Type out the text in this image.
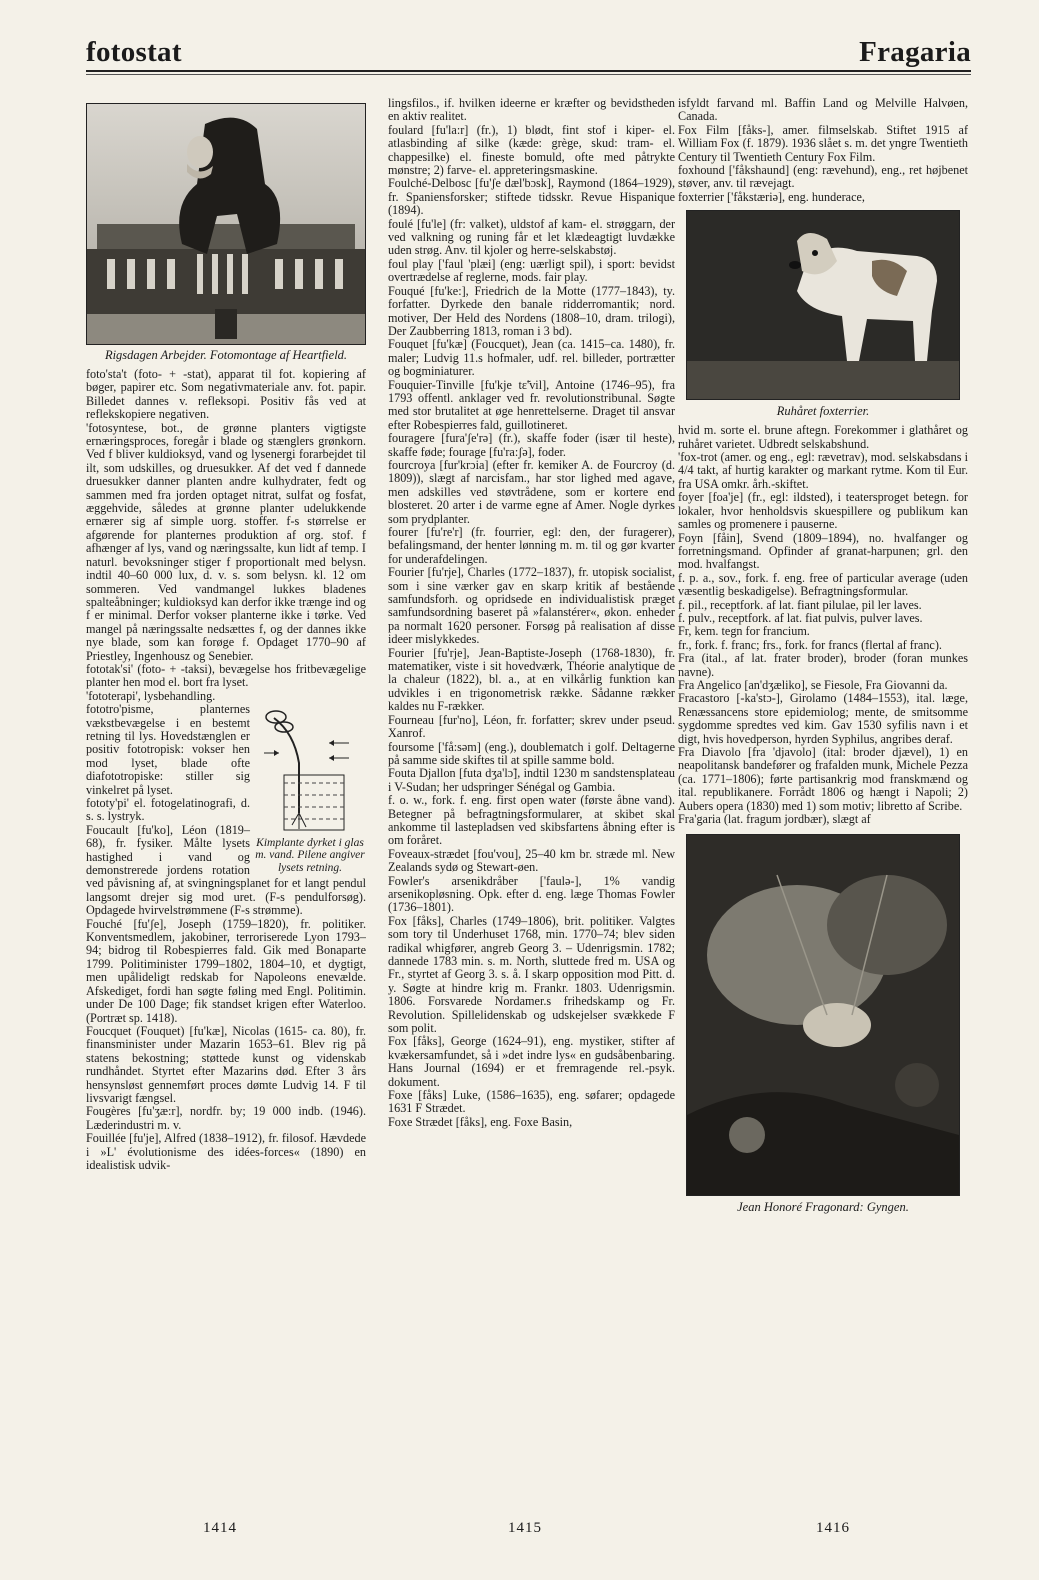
fotostat	Fragaria

Rigsdagen Arbejder. Fotomontage af Heartfield.

foto'sta't (foto- + -stat), apparat til fot. kopiering af bøger, papirer etc. Som negativmateriale anv. fot. papir. Billedet dannes v. refleksopi. Positiv fås ved at reflekskopiere negativen.

'fotosyntese, bot., de grønne planters vigtigste ernæringsproces, foregår i blade og stænglers grønkorn. Ved f bliver kuldioksyd, vand og lysenergi forarbejdet til ilt, som udskilles, og druesukker. Af det ved f dannede druesukker danner planten andre kulhydrater, fedt og sammen med fra jorden optaget nitrat, sulfat og fosfat, æggehvide, således at grønne planter udelukkende ernærer sig af simple uorg. stoffer. f-s størrelse er afgørende for planternes produktion af org. stof. f afhænger af lys, vand og næringssalte, kun lidt af temp. I naturl. bevoksninger stiger f proportionalt med belysn. indtil 40–60 000 lux, d. v. s. som belysn. kl. 12 om sommeren. Ved vandmangel lukkes bladenes spalteåbninger; kuldioksyd kan derfor ikke trænge ind og f er minimal. Derfor vokser planterne ikke i tørke. Ved mangel på næringssalte nedsættes f, og der dannes ikke nye blade, som kan forøge f. Opdaget 1770–90 af Priestley, Ingenhousz og Senebier.

fototak'si' (foto- + -taksi), bevægelse hos fritbevægelige planter hen mod el. bort fra lyset.

'fototerapi', lysbehandling.

Kimplante dyrket i glas m. vand. Pilene angiver lysets retning.

fototro'pisme, planternes vækstbevægelse i en bestemt retning til lys. Hovedstænglen er positiv fototropisk: vokser hen mod lyset, blade ofte diafototropiske: stiller sig vinkelret på lyset.

fototy'pi' el. fotogelatinografi, d. s. s. lystryk.

Foucault [fu'ko], Léon (1819–68), fr. fysiker. Målte lysets hastighed i vand og demonstrerede jordens rotation ved påvisning af, at svingningsplanet for et langt pendul langsomt drejer sig mod uret. (F-s pendulforsøg). Opdagede hvirvelstrømmene (F-s strømme).

Fouché [fu'ʃe], Joseph (1759–1820), fr. politiker. Konventsmedlem, jakobiner, terroriserede Lyon 1793–94; bidrog til Robespierres fald. Gik med Bonaparte 1799. Politiminister 1799–1802, 1804–10, et dygtigt, men upålideligt redskab for Napoleons enevælde. Afskediget, fordi han søgte føling med Engl. Politimin. under De 100 Dage; fik standset krigen efter Waterloo. (Portræt sp. 1418).

Foucquet (Fouquet) [fu'kæ], Nicolas (1615- ca. 80), fr. finansminister under Mazarin 1653–61. Blev rig på statens bekostning; støttede kunst og videnskab rundhåndet. Styrtet efter Mazarins død. Efter 3 års hensynsløst gennemført proces dømte Ludvig 14. F til livsvarigt fængsel.

Fougères [fu'ʒæ:r], nordfr. by; 19 000 indb. (1946). Læderindustri m. v.

Fouillée [fu'je], Alfred (1838–1912), fr. filosof. Hævdede i »L' évolutionisme des idées-forces« (1890) en idealistisk udvik-

lingsfilos., if. hvilken ideerne er kræfter og bevidstheden en aktiv realitet.

foulard [fu'la:r] (fr.), 1) blødt, fint stof i kiper- el. atlasbinding af silke (kæde: grège, skud: tram- el. chappesilke) el. fineste bomuld, ofte med påtrykte mønstre; 2) farve- el. appreteringsmaskine.

Foulché-Delbosc [fu'ʃe dæl'bɔsk], Raymond (1864–1929), fr. Spaniensforsker; stiftede tidsskr. Revue Hispanique (1894).

foulé [fu'le] (fr: valket), uldstof af kam- el. strøggarn, der ved valkning og runing får et let klædeagtigt luvdække uden strøg. Anv. til kjoler og herre-selskabstøj.

foul play ['faul 'plæi] (eng: uærligt spil), i sport: bevidst overtrædelse af reglerne, mods. fair play.

Fouqué [fu'ke:], Friedrich de la Motte (1777–1843), ty. forfatter. Dyrkede den banale ridderromantik; nord. motiver, Der Held des Nordens (1808–10, dram. trilogi), Der Zaubberring 1813, roman i 3 bd).

Fouquet [fu'kæ] (Foucquet), Jean (ca. 1415–ca. 1480), fr. maler; Ludvig 11.s hofmaler, udf. rel. billeder, portrætter og bogminiaturer.

Fouquier-Tinville [fu'kje tɛ̃'vil], Antoine (1746–95), fra 1793 offentl. anklager ved fr. revolutionstribunal. Søgte med stor brutalitet at øge henrettelserne. Draget til ansvar efter Robespierres fald, guillotineret.

fouragere [fura'ʃe'rə] (fr.), skaffe foder (især til heste), skaffe føde; fourage [fu'ra:ʃə], foder.

fourcroya [fur'krɔia] (efter fr. kemiker A. de Fourcroy (d. 1809)), slægt af narcisfam., har stor lighed med agave, men adskilles ved støvtrådene, som er kortere end blosteret. 20 arter i de varme egne af Amer. Nogle dyrkes som prydplanter.

fourer [fu're'r] (fr. fourrier, egl: den, der furagerer), befalingsmand, der henter lønning m. m. til og gør kvarter for underafdelingen.

Fourier [fu'rje], Charles (1772–1837), fr. utopisk socialist, som i sine værker gav en skarp kritik af bestående samfundsforh. og opridsede en individualistisk præget samfundsordning baseret på »falanstérer«, økon. enheder pa normalt 1620 personer. Forsøg på realisation af disse ideer mislykkedes.

Fourier [fu'rje], Jean-Baptiste-Joseph (1768-1830), fr. matematiker, viste i sit hovedværk, Théorie analytique de la chaleur (1822), bl. a., at en vilkårlig funktion kan udvikles i en trigonometrisk række. Sådanne rækker kaldes nu F-rækker.

Fourneau [fur'no], Léon, fr. forfatter; skrev under pseud. Xanrof.

foursome ['få:səm] (eng.), doublematch i golf. Deltagerne på samme side skiftes til at spille samme bold.

Fouta Djallon [futa dʒa'lɔ̃], indtil 1230 m sandstensplateau i V-Sudan; her udspringer Sénégal og Gambia.

f. o. w., fork. f. eng. first open water (første åbne vand). Betegner på befragtningsformularer, at skibet skal ankomme til lastepladsen ved skibsfartens åbning efter is om foråret.

Foveaux-strædet [fou'vou], 25–40 km br. stræde ml. New Zealands sydø og Stewart-øen.

Fowler's arsenikdråber ['faulə-], 1% vandig arsenikopløsning. Opk. efter d. eng. læge Thomas Fowler (1736–1801).

Fox [fåks], Charles (1749–1806), brit. politiker. Valgtes som tory til Underhuset 1768, min. 1770–74; blev siden radikal whigfører, angreb Georg 3. – Udenrigsmin. 1782; dannede 1783 min. s. m. North, sluttede fred m. USA og Fr., styrtet af Georg 3. s. å. I skarp opposition mod Pitt. d. y. Søgte at hindre krig m. Frankr. 1803. Udenrigsmin. 1806. Forsvarede Nordamer.s frihedskamp og Fr. Revolution. Spillelidenskab og udskejelser svækkede F som polit.

Fox [fåks], George (1624–91), eng. mystiker, stifter af kvækersamfundet, så i »det indre lys« en gudsåbenbaring. Hans Journal (1694) er et fremragende rel.-psyk. dokument.

Foxe [fåks] Luke, (1586–1635), eng. søfarer; opdagede 1631 F Strædet.

Foxe Strædet [fåks], eng. Foxe Basin,

isfyldt farvand ml. Baffin Land og Melville Halvøen, Canada.

Fox Film [fåks-], amer. filmselskab. Stiftet 1915 af William Fox (f. 1879). 1936 slået s. m. det yngre Twentieth Century til Twentieth Century Fox Film.

foxhound ['fåkshaund] (eng: rævehund), eng., ret højbenet støver, anv. til rævejagt.

foxterrier ['fåkstæriə], eng. hunderace,

Ruhåret foxterrier.

hvid m. sorte el. brune aftegn. Forekommer i glathåret og ruhåret varietet. Udbredt selskabshund.

'fox-trot (amer. og eng., egl: rævetrav), mod. selskabsdans i 4/4 takt, af hurtig karakter og markant rytme. Kom til Eur. fra USA omkr. årh.-skiftet.

foyer [foa'je] (fr., egl: ildsted), i teatersproget betegn. for lokaler, hvor henholdsvis skuespillere og publikum kan samles og promenere i pauserne.

Foyn [fåin], Svend (1809–1894), no. hvalfanger og forretningsmand. Opfinder af granat-harpunen; grl. den mod. hvalfangst.

f. p. a., sov., fork. f. eng. free of particular average (uden væsentlig beskadigelse). Befragtningsformular.

f. pil., receptfork. af lat. fiant pilulae, pil ler laves.

f. pulv., receptfork. af lat. fiat pulvis, pulver laves.

Fr, kem. tegn for francium.

fr., fork. f. franc; frs., fork. for francs (flertal af franc).

Fra (ital., af lat. frater broder), broder (foran munkes navne).

Fra Angelico [an'dʒæliko], se Fiesole, Fra Giovanni da.

Fracastoro [-ka'stɔ-], Girolamo (1484–1553), ital. læge, Renæssancens store epidemiolog; mente, de smitsomme sygdomme spredtes ved kim. Gav 1530 syfilis navn i et digt, hvis hovedperson, hyrden Syphilus, angribes deraf.

Fra Diavolo [fra 'djavolo] (ital: broder djævel), 1) en neapolitansk bandefører og frafalden munk, Michele Pezza (ca. 1771–1806); førte partisankrig mod franskmænd og ital. republikanere. Forrådt 1806 og hængt i Napoli; 2) Aubers opera (1830) med 1) som motiv; libretto af Scribe.

Fra'garia (lat. fragum jordbær), slægt af

Jean Honoré Fragonard: Gyngen.

1414	1415	1416
